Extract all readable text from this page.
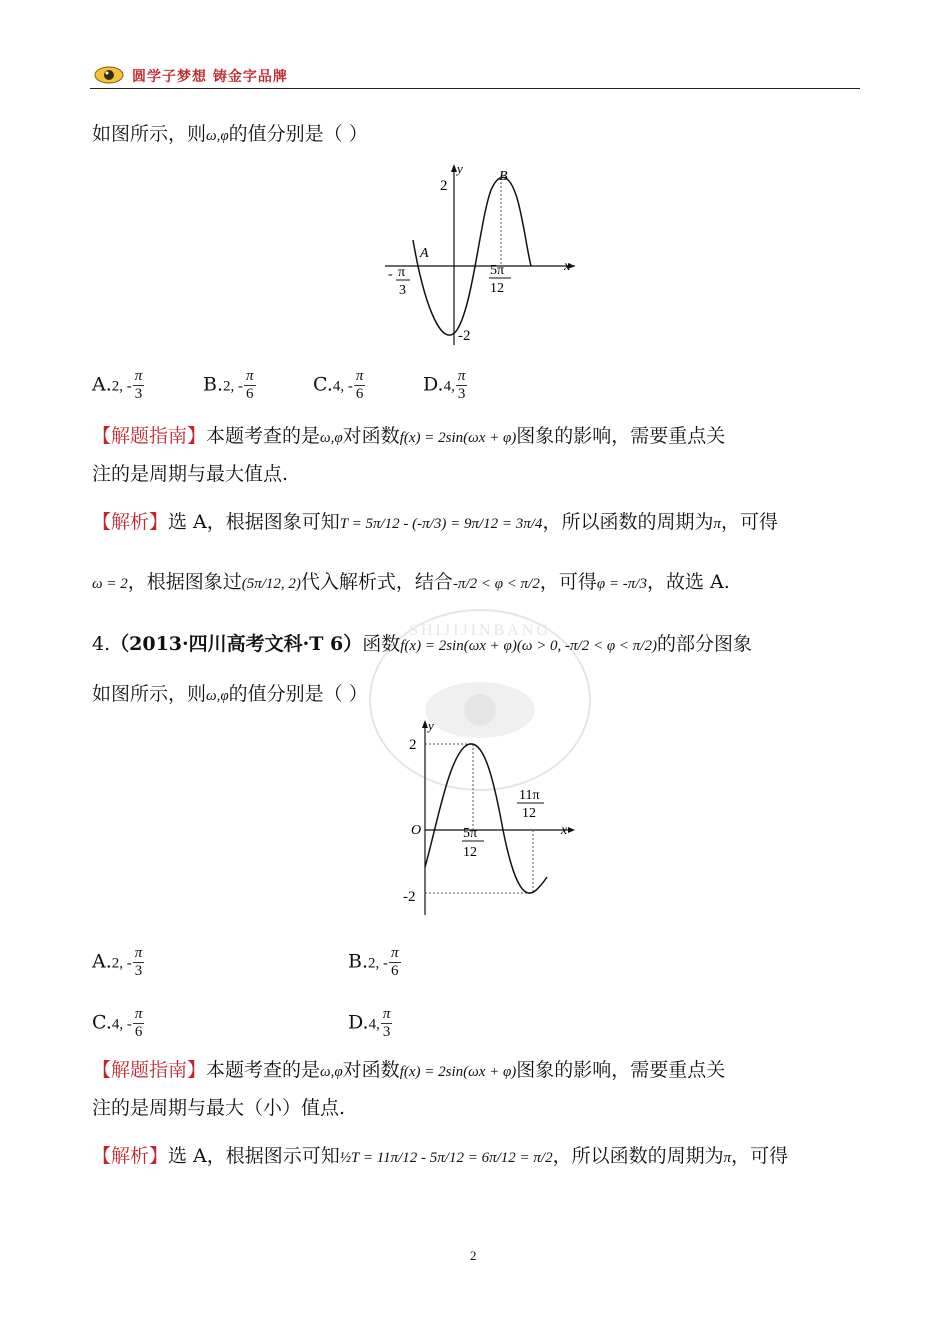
圆学子梦想 铸金字品牌
如图所示，则ω,φ的值分别是（ ）
y
x
2
-2
A
B
- π
3
5π
12
A.2, - $\frac{\pi}{3}$	B.2, - $\frac{\pi}{6}$	C.4, - $\frac{\pi}{6}$	D.4, $\frac{\pi}{3}$
【解题指南】本题考查的是ω,φ对函数f(x) = 2sin(ωx + φ)图象的影响，需要重点关
注的是周期与最大值点.
【解析】选 A，根据图象可知T = 5π/12 - (-π/3) = 9π/12 = 3π/4，所以函数的周期为π，可得
ω = 2，根据图象过(5π/12, 2)代入解析式，结合-π/2 < φ < π/2，可得φ = -π/3，故选 A.
SHIJIJINBANG
4.（2013·四川高考文科·T 6）函数f(x) = 2sin(ωx + φ)(ω > 0, -π/2 < φ < π/2)的部分图象
如图所示，则ω,φ的值分别是（ ）
y
x
2
-2
O	5π
12
11π
12
A.2, - $\frac{\pi}{3}$	B.2, - $\frac{\pi}{6}$
C.4, - $\frac{\pi}{6}$	D.4, $\frac{\pi}{3}$
【解题指南】本题考查的是ω,φ对函数f(x) = 2sin(ωx + φ)图象的影响，需要重点关
注的是周期与最大（小）值点.
【解析】选 A，根据图示可知½T = 11π/12 - 5π/12 = 6π/12 = π/2，所以函数的周期为π，可得
2
